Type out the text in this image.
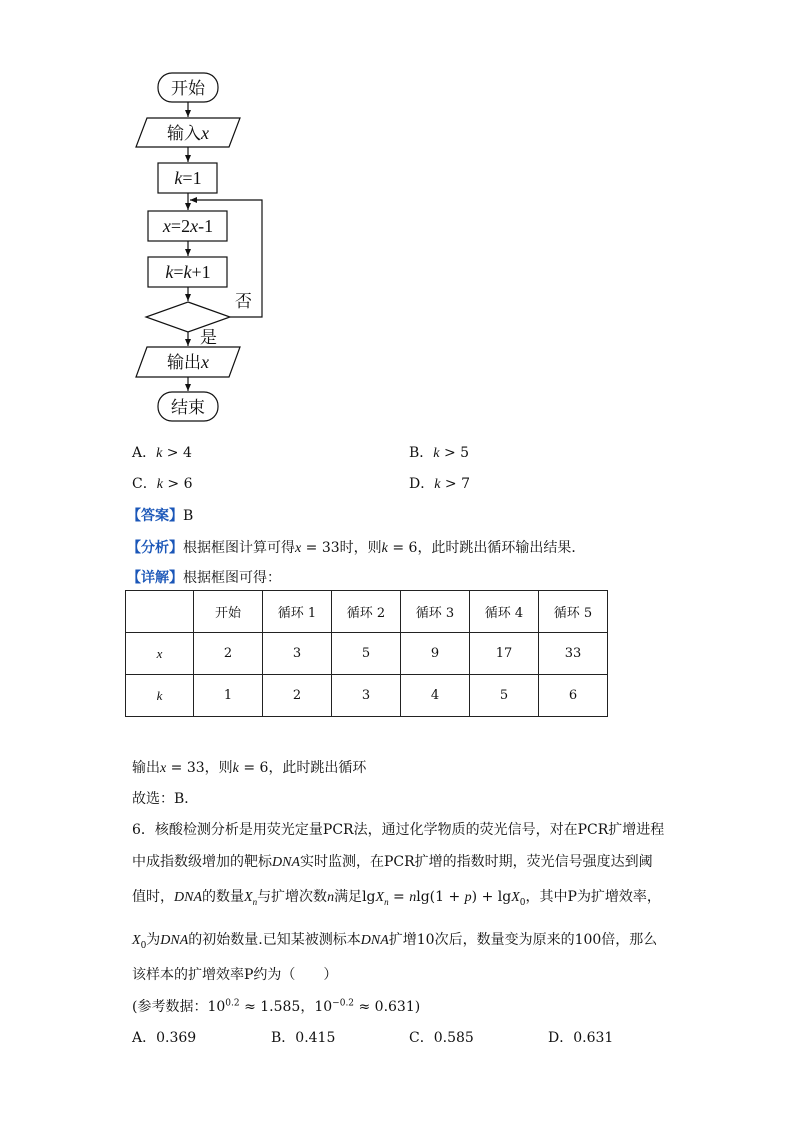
开始
输入x
k=1
x=2x-1
k=k+1
否
是
输出x
结束
A．k > 4	B．k > 5
C．k > 6	D．k > 7
【答案】B
【分析】根据框图计算可得x = 33时，则k = 6，此时跳出循环输出结果．
【详解】根据框图可得：
	开始	循环 1	循环 2	循环 3	循环 4	循环 5
x	2	3	5	9	17	33
k	1	2	3	4	5	6
输出x = 33，则k = 6，此时跳出循环
故选：B．
6．核酸检测分析是用荧光定量PCR法，通过化学物质的荧光信号，对在PCR扩增进程
中成指数级增加的靶标DNA实时监测，在PCR扩增的指数时期，荧光信号强度达到阈
值时，DNA的数量$X_n$与扩增次数n满足lgX$_n$ = nlg(1 + p) + lgX$_0$，其中P为扩增效率，
$X_0$为DNA的初始数量.已知某被测标本DNA扩增10次后，数量变为原来的100倍，那么
该样本的扩增效率P约为（　　）
(参考数据：$10^{0.2} \approx 1.585$，$10^{-0.2} \approx 0.631$)
A．0.369	B．0.415	C．0.585	D．0.631
